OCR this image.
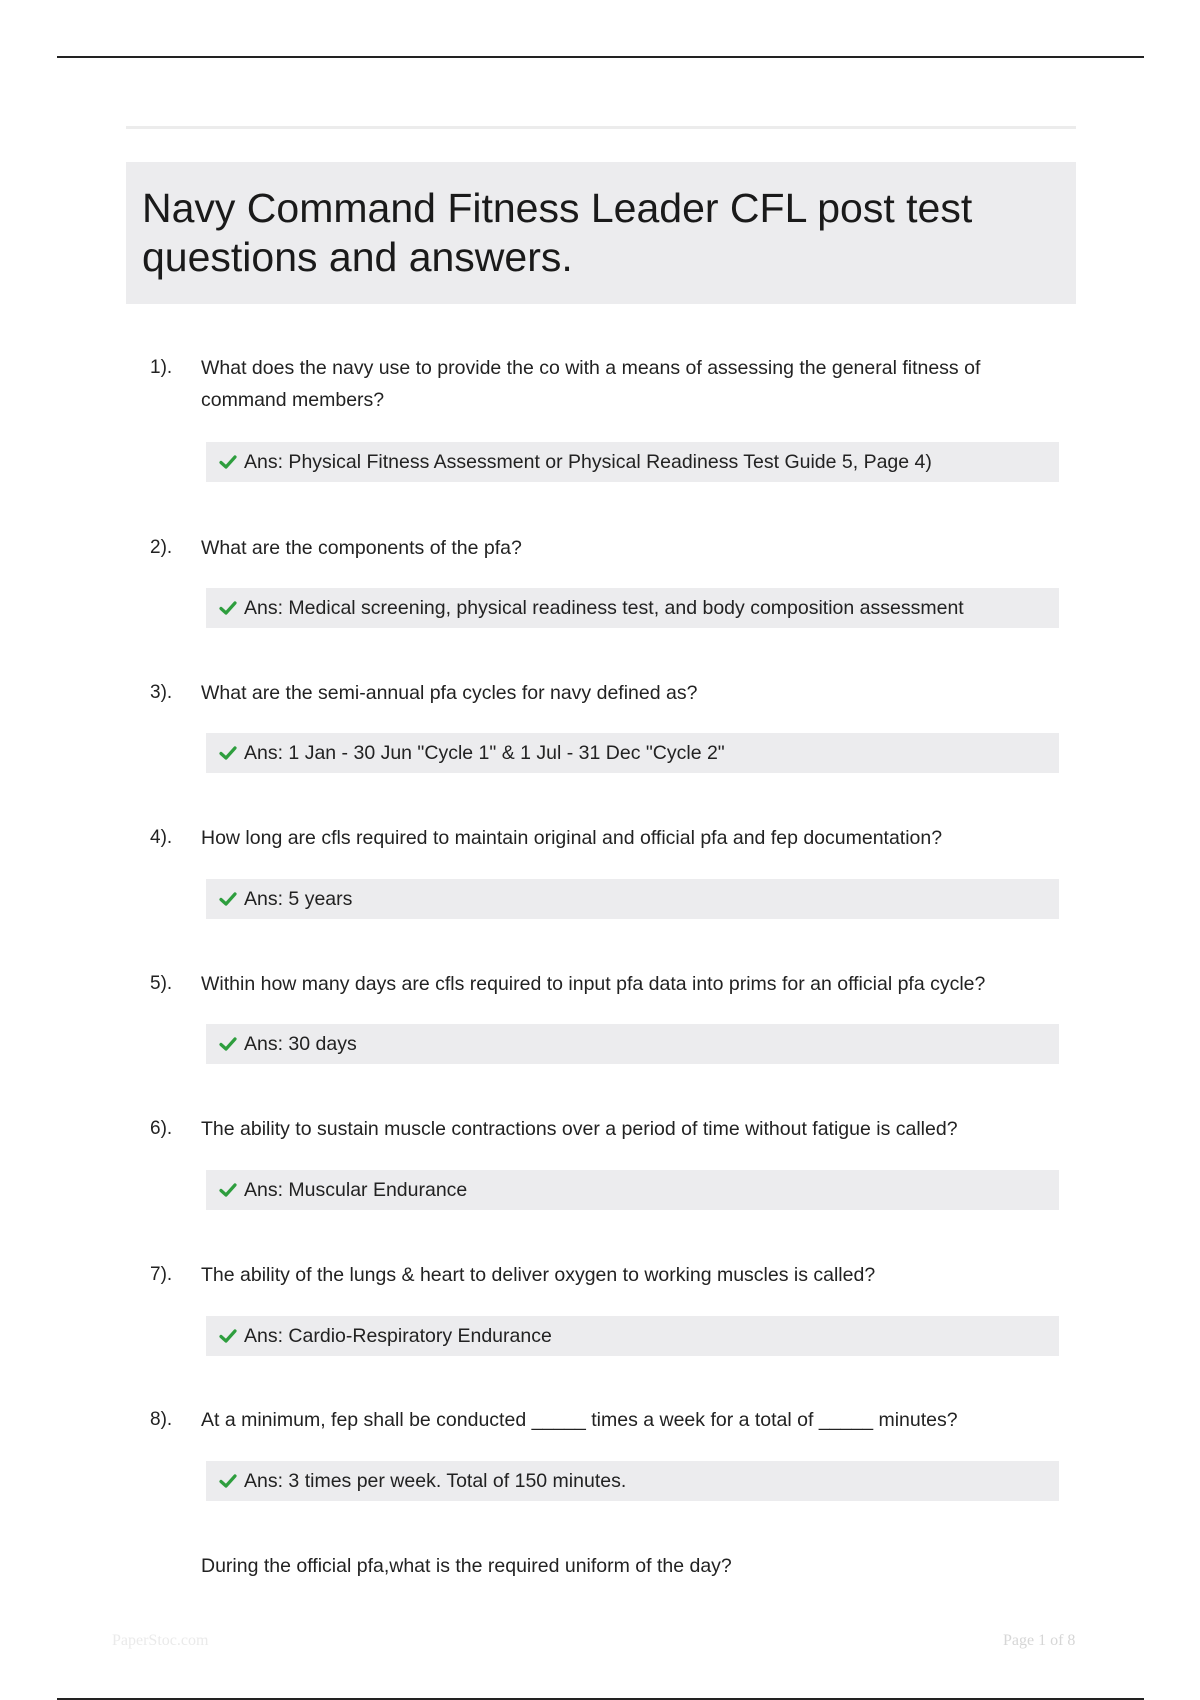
Navy Command Fitness Leader CFL post test questions and answers.
1). What does the navy use to provide the co with a means of assessing the general fitness of command members?
Ans: Physical Fitness Assessment or Physical Readiness Test Guide 5, Page 4)
2). What are the components of the pfa?
Ans: Medical screening, physical readiness test, and body composition assessment
3). What are the semi-annual pfa cycles for navy defined as?
Ans: 1 Jan - 30 Jun "Cycle 1" & 1 Jul - 31 Dec "Cycle 2"
4). How long are cfls required to maintain original and official pfa and fep documentation?
Ans: 5 years
5). Within how many days are cfls required to input pfa data into prims for an official pfa cycle?
Ans: 30 days
6). The ability to sustain muscle contractions over a period of time without fatigue is called?
Ans: Muscular Endurance
7). The ability of the lungs & heart to deliver oxygen to working muscles is called?
Ans: Cardio-Respiratory Endurance
8). At a minimum, fep shall be conducted _____ times a week for a total of _____ minutes?
Ans: 3 times per week. Total of 150 minutes.
During the official pfa,what is the required uniform of the day?
PaperStoc.com	Page 1 of 8
